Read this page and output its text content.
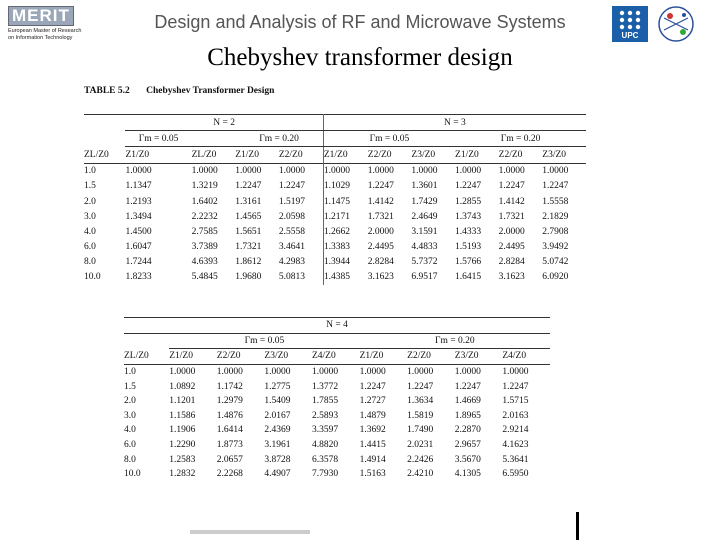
MERIT
European Master of Research
on Information Technology
Design and Analysis of RF and Microwave Systems
UPC
Chebyshev transformer design
TABLE 5.2 Chebyshev Transformer Design
	N = 2				N = 3					
	Γm = 0.05		Γm = 0.20		Γm = 0.05			Γm = 0.20		
ZL/Z0	Z1/Z0	ZL/Z0	Z1/Z0	Z2/Z0	Z1/Z0	Z2/Z0	Z3/Z0	Z1/Z0	Z2/Z0	Z3/Z0
1.0	1.0000	1.0000	1.0000	1.0000	1.0000	1.0000	1.0000	1.0000	1.0000	1.0000
1.5	1.1347	1.3219	1.2247	1.2247	1.1029	1.2247	1.3601	1.2247	1.2247	1.2247
2.0	1.2193	1.6402	1.3161	1.5197	1.1475	1.4142	1.7429	1.2855	1.4142	1.5558
3.0	1.3494	2.2232	1.4565	2.0598	1.2171	1.7321	2.4649	1.3743	1.7321	2.1829
4.0	1.4500	2.7585	1.5651	2.5558	1.2662	2.0000	3.1591	1.4333	2.0000	2.7908
6.0	1.6047	3.7389	1.7321	3.4641	1.3383	2.4495	4.4833	1.5193	2.4495	3.9492
8.0	1.7244	4.6393	1.8612	4.2983	1.3944	2.8284	5.7372	1.5766	2.8284	5.0742
10.0	1.8233	5.4845	1.9680	5.0813	1.4385	3.1623	6.9517	1.6415	3.1623	6.0920
N = 4								
	Γm = 0.05				Γm = 0.20			
ZL/Z0	Z1/Z0	Z2/Z0	Z3/Z0	Z4/Z0	Z1/Z0	Z2/Z0	Z3/Z0	Z4/Z0
1.0	1.0000	1.0000	1.0000	1.0000	1.0000	1.0000	1.0000	1.0000
1.5	1.0892	1.1742	1.2775	1.3772	1.2247	1.2247	1.2247	1.2247
2.0	1.1201	1.2979	1.5409	1.7855	1.2727	1.3634	1.4669	1.5715
3.0	1.1586	1.4876	2.0167	2.5893	1.4879	1.5819	1.8965	2.0163
4.0	1.1906	1.6414	2.4369	3.3597	1.3692	1.7490	2.2870	2.9214
6.0	1.2290	1.8773	3.1961	4.8820	1.4415	2.0231	2.9657	4.1623
8.0	1.2583	2.0657	3.8728	6.3578	1.4914	2.2426	3.5670	5.3641
10.0	1.2832	2.2268	4.4907	7.7930	1.5163	2.4210	4.1305	6.5950
